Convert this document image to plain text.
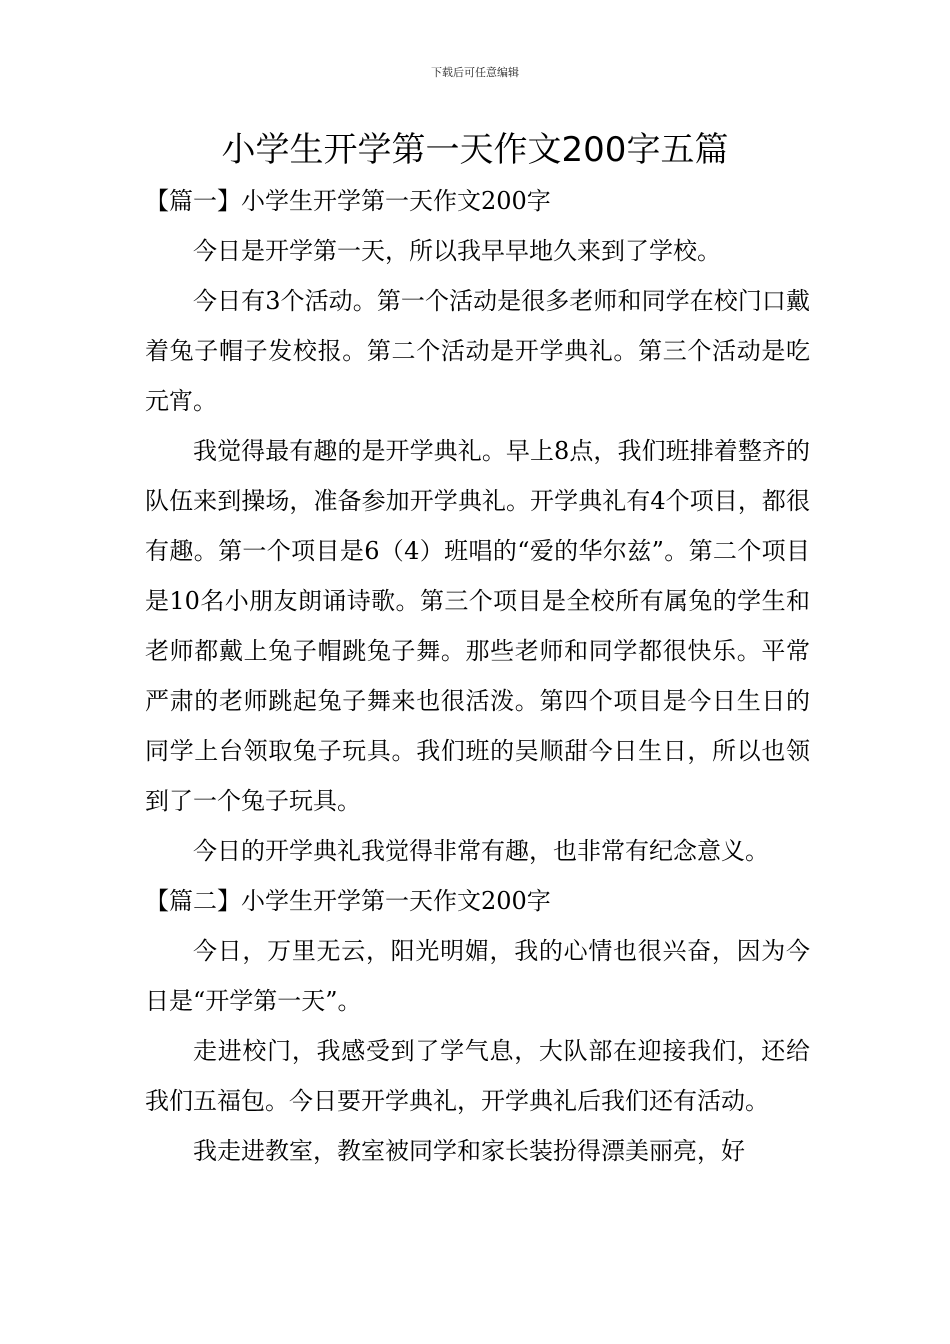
下载后可任意编辑
小学生开学第一天作文200字五篇

【篇一】小学生开学第一天作文200字

今日是开学第一天，所以我早早地久来到了学校。

今日有3个活动。第一个活动是很多老师和同学在校门口戴着兔子帽子发校报。第二个活动是开学典礼。第三个活动是吃元宵。

我觉得最有趣的是开学典礼。早上8点，我们班排着整齐的队伍来到操场，准备参加开学典礼。开学典礼有4个项目，都很有趣。第一个项目是6（4）班唱的“爱的华尔兹”。第二个项目是10名小朋友朗诵诗歌。第三个项目是全校所有属兔的学生和老师都戴上兔子帽跳兔子舞。那些老师和同学都很快乐。平常严肃的老师跳起兔子舞来也很活泼。第四个项目是今日生日的同学上台领取兔子玩具。我们班的吴顺甜今日生日，所以也领到了一个兔子玩具。

今日的开学典礼我觉得非常有趣，也非常有纪念意义。

【篇二】小学生开学第一天作文200字

今日，万里无云，阳光明媚，我的心情也很兴奋，因为今日是“开学第一天”。

走进校门，我感受到了学气息，大队部在迎接我们，还给我们五福包。今日要开学典礼，开学典礼后我们还有活动。

我走进教室，教室被同学和家长装扮得漂美丽亮，好
